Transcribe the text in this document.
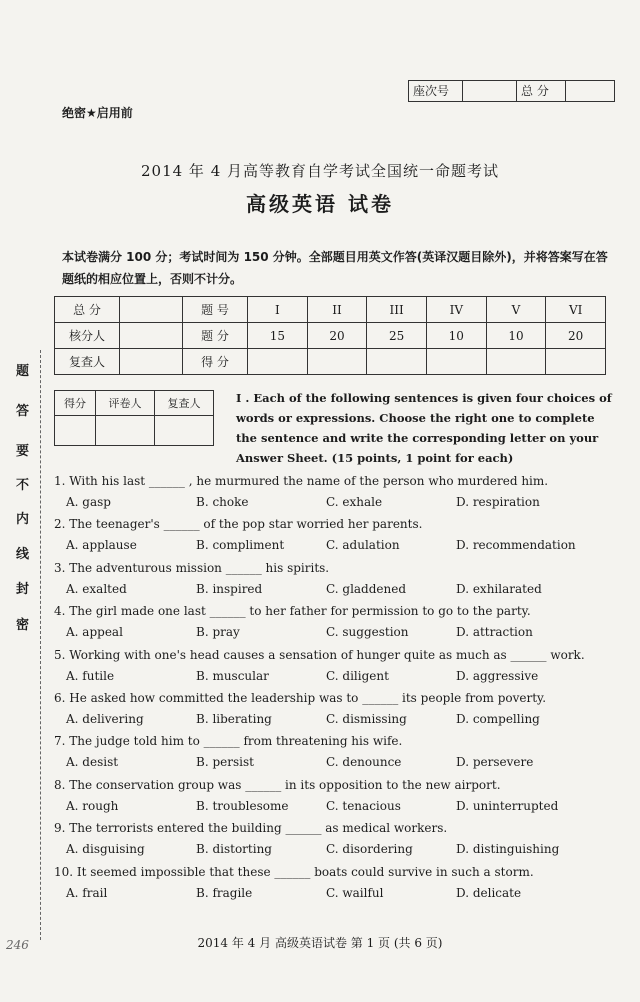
座次号	总 分
绝密★启用前
2014 年 4 月高等教育自学考试全国统一命题考试
高级英语 试卷
本试卷满分 100 分；考试时间为 150 分钟。全部题目用英文作答(英译汉题目除外)，并将答案写在答题纸的相应位置上，否则不计分。
总 分		题 号	I	II	III	IV	V	VI
核分人		题 分	15	20	25	10	10	20
复查人		得 分						
得分	评卷人	复查人

题
答
要
不
内
线
封
密
I . Each of the following sentences is given four choices of words or expressions. Choose the right one to complete the sentence and write the corresponding letter on your Answer Sheet. (15 points, 1 point for each)
1. With his last ______ , he murmured the name of the person who murdered him.
A. gasp	B. choke	C. exhale	D. respiration
2. The teenager's ______ of the pop star worried her parents.
A. applause	B. compliment	C. adulation	D. recommendation
3. The adventurous mission ______ his spirits.
A. exalted	B. inspired	C. gladdened	D. exhilarated
4. The girl made one last ______ to her father for permission to go to the party.
A. appeal	B. pray	C. suggestion	D. attraction
5. Working with one's head causes a sensation of hunger quite as much as ______ work.
A. futile	B. muscular	C. diligent	D. aggressive
6. He asked how committed the leadership was to ______ its people from poverty.
A. delivering	B. liberating	C. dismissing	D. compelling
7. The judge told him to ______ from threatening his wife.
A. desist	B. persist	C. denounce	D. persevere
8. The conservation group was ______ in its opposition to the new airport.
A. rough	B. troublesome	C. tenacious	D. uninterrupted
9. The terrorists entered the building ______ as medical workers.
A. disguising	B. distorting	C. disordering	D. distinguishing
10. It seemed impossible that these ______ boats could survive in such a storm.
A. frail	B. fragile	C. wailful	D. delicate
2014 年 4 月 高级英语试卷 第 1 页 (共 6 页)
246
